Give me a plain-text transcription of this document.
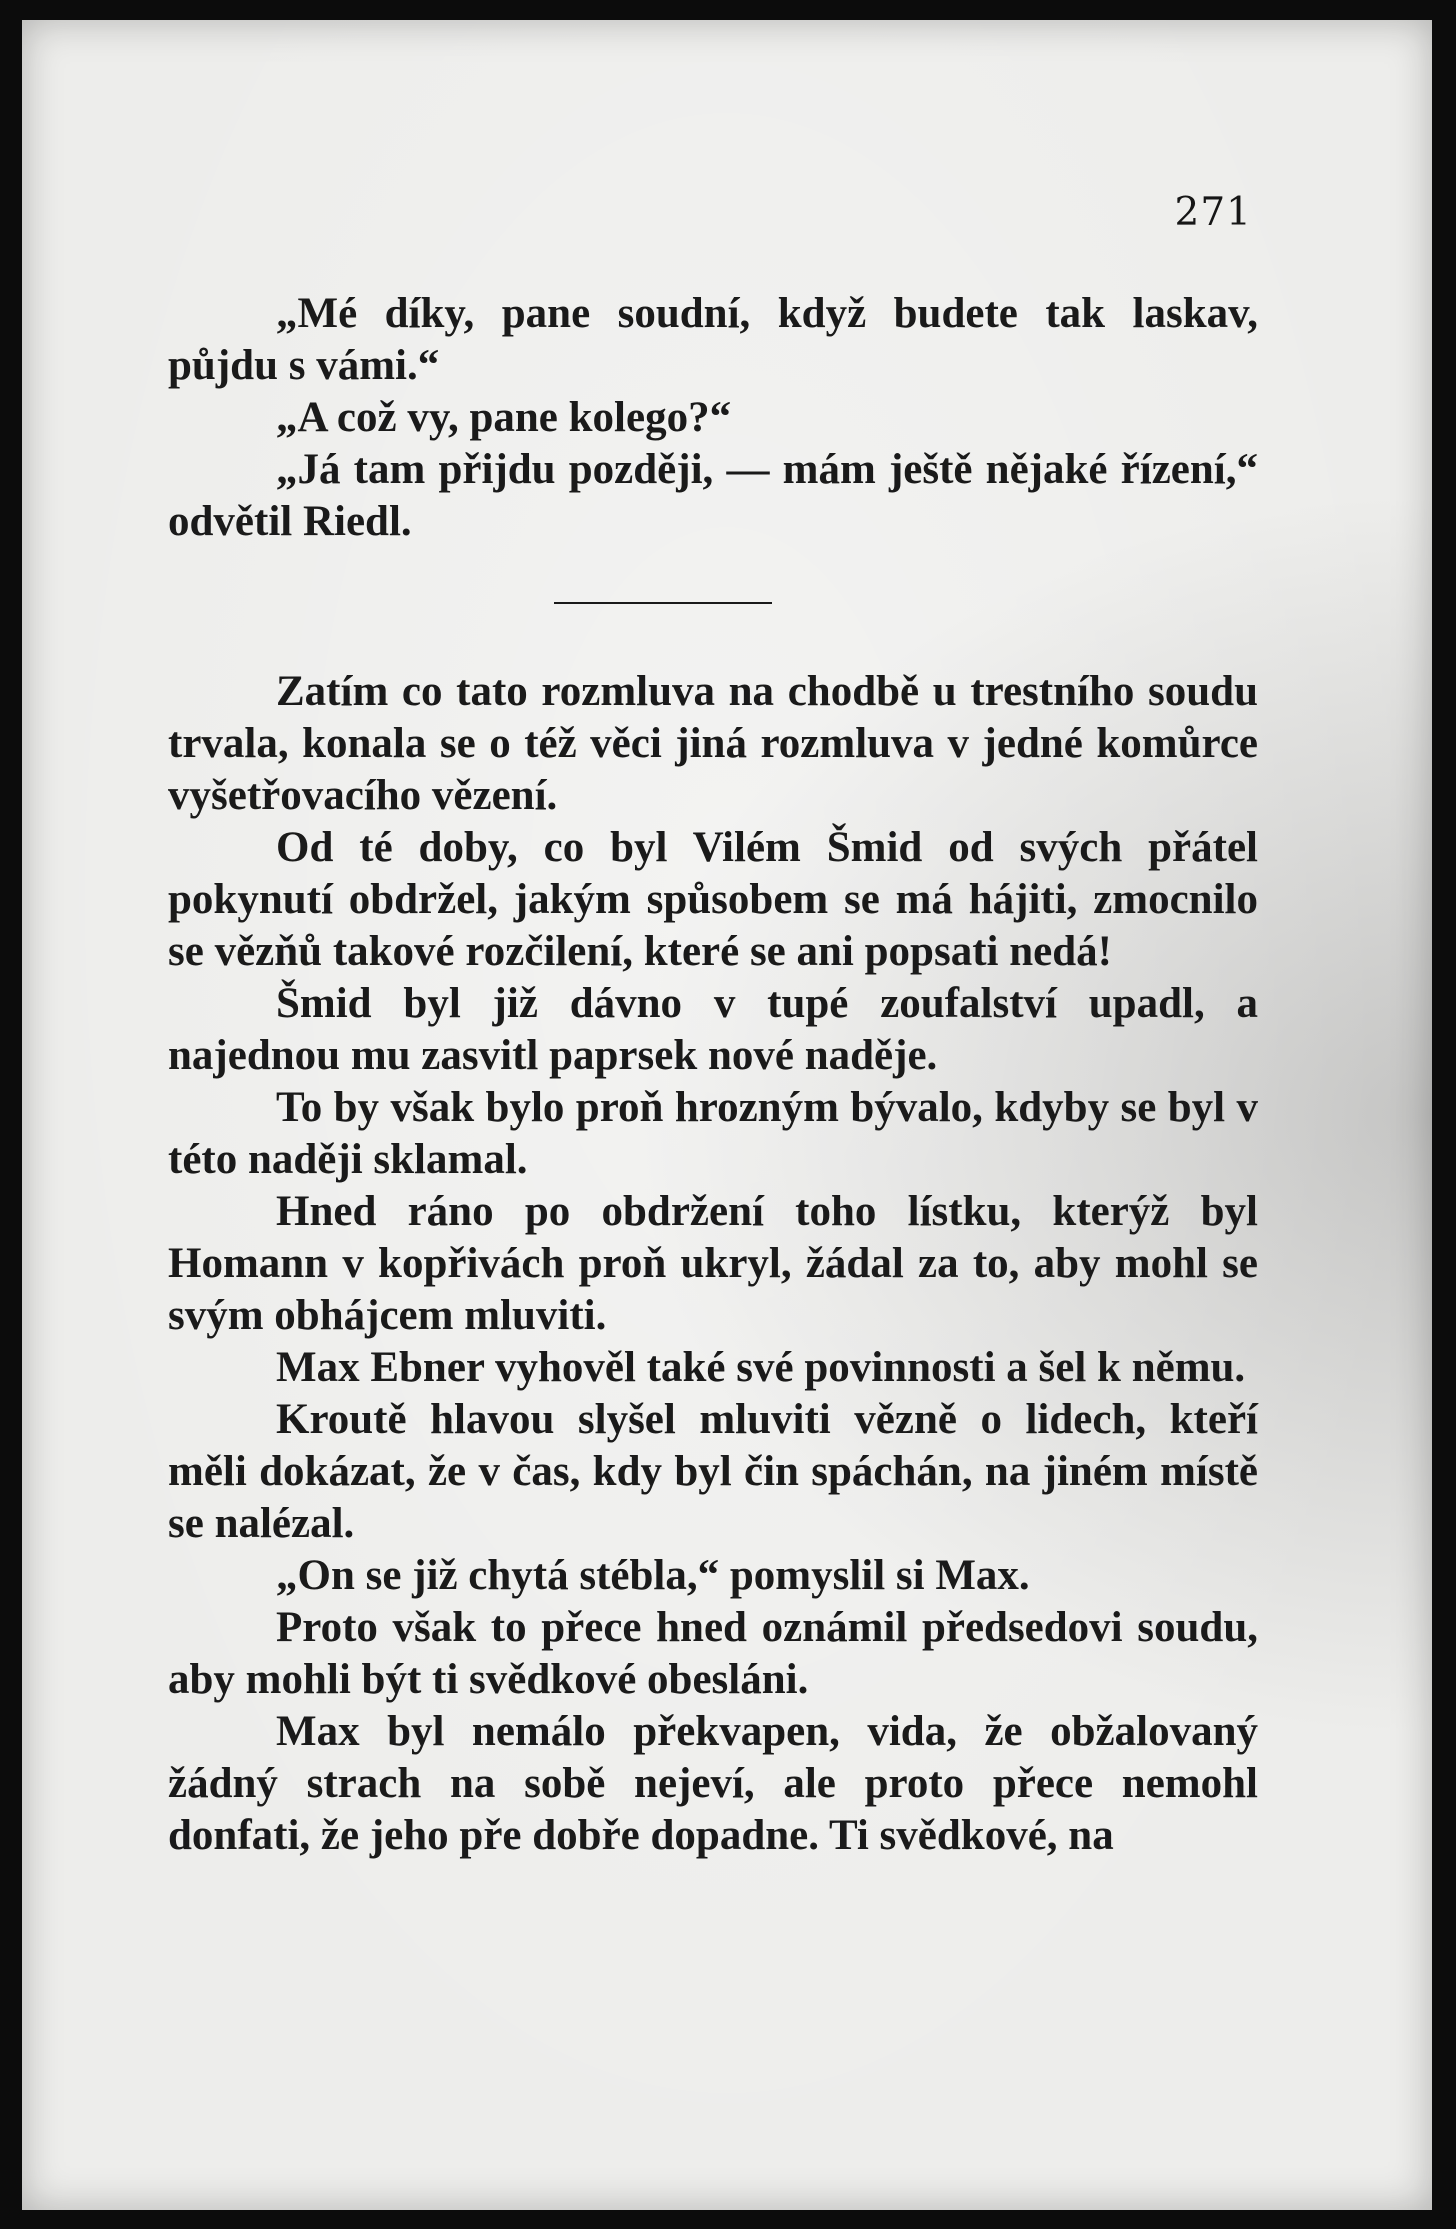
271

„Mé díky, pane soudní, když budete tak laskav, půjdu s vámi.“

„A což vy, pane kolego?“

„Já tam přijdu později, — mám ještě nějaké řízení,“ odvětil Riedl.

Zatím co tato rozmluva na chodbě u trestního soudu trvala, konala se o též věci jiná rozmluva v jedné komůrce vyšetřovacího vězení.

Od té doby, co byl Vilém Šmid od svých přátel pokynutí obdržel, jakým spůsobem se má hájiti, zmocnilo se vězňů takové rozčilení, které se ani popsati nedá!

Šmid byl již dávno v tupé zoufalství upadl, a najednou mu zasvitl paprsek nové naděje.

To by však bylo proň hrozným bývalo, kdyby se byl v této naději sklamal.

Hned ráno po obdržení toho lístku, kterýž byl Homann v kopřivách proň ukryl, žádal za to, aby mohl se svým obhájcem mluviti.

Max Ebner vyhověl také své povinnosti a šel k němu.

Kroutě hlavou slyšel mluviti vězně o lidech, kteří měli dokázat, že v čas, kdy byl čin spáchán, na jiném místě se nalézal.

„On se již chytá stébla,“ pomyslil si Max.

Proto však to přece hned oznámil předsedovi soudu, aby mohli být ti svědkové obesláni.

Max byl nemálo překvapen, vida, že obžalovaný žádný strach na sobě nejeví, ale proto přece nemohl donfati, že jeho pře dobře dopadne. Ti svědkové, na
